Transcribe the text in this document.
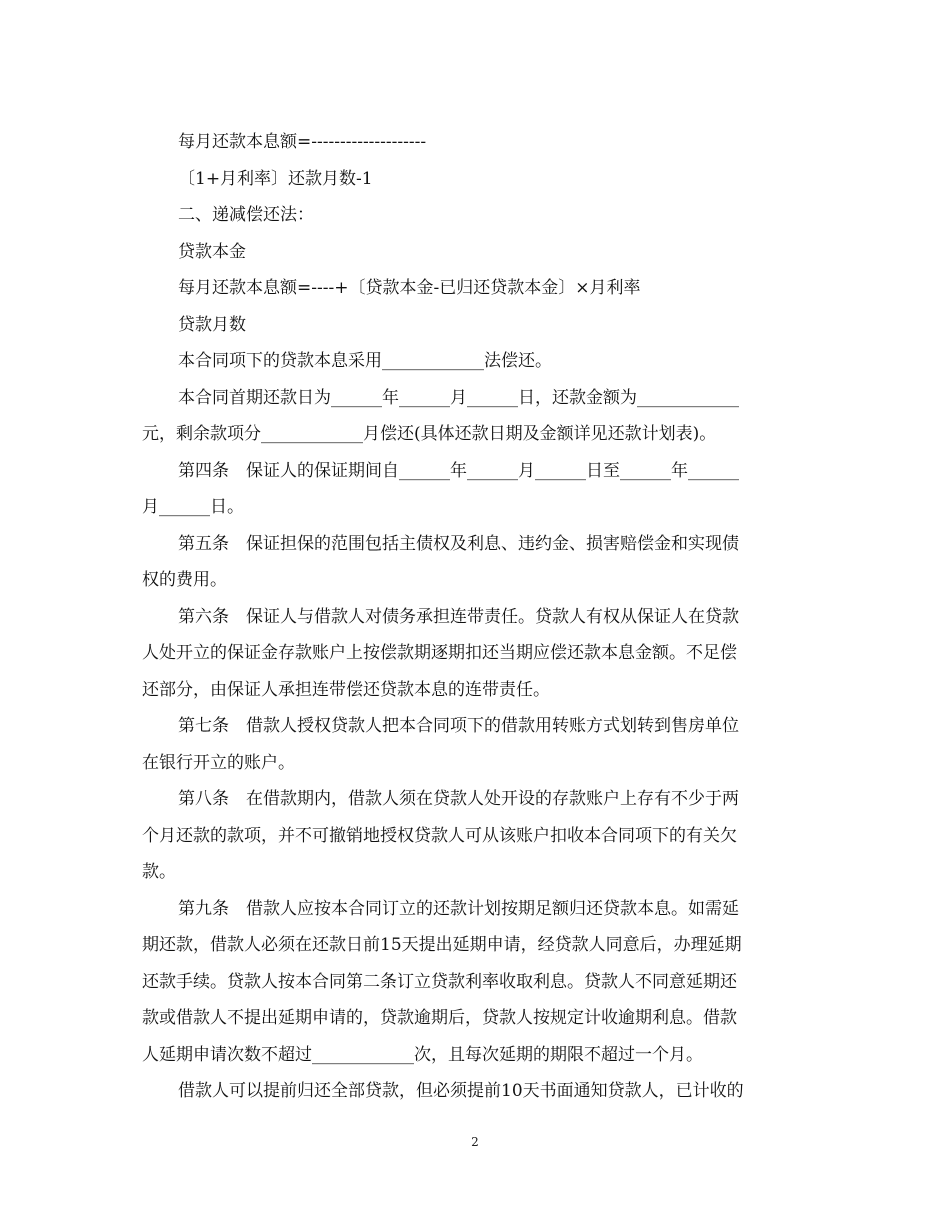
每月还款本息额=--------------------
〔1+月利率〕还款月数-1
二、递减偿还法：
贷款本金
每月还款本息额=----+〔贷款本金-已归还贷款本金〕×月利率
贷款月数
本合同项下的贷款本息采用____________法偿还。
本合同首期还款日为______年______月______日，还款金额为____________
元，剩余款项分____________月偿还(具体还款日期及金额详见还款计划表)。
第四条　保证人的保证期间自______年______月______日至______年______
月______日。
第五条　保证担保的范围包括主债权及利息、违约金、损害赔偿金和实现债
权的费用。
第六条　保证人与借款人对债务承担连带责任。贷款人有权从保证人在贷款
人处开立的保证金存款账户上按偿款期逐期扣还当期应偿还款本息金额。不足偿
还部分，由保证人承担连带偿还贷款本息的连带责任。
第七条　借款人授权贷款人把本合同项下的借款用转账方式划转到售房单位
在银行开立的账户。
第八条　在借款期内，借款人须在贷款人处开设的存款账户上存有不少于两
个月还款的款项，并不可撤销地授权贷款人可从该账户扣收本合同项下的有关欠
款。
第九条　借款人应按本合同订立的还款计划按期足额归还贷款本息。如需延
期还款，借款人必须在还款日前15天提出延期申请，经贷款人同意后，办理延期
还款手续。贷款人按本合同第二条订立贷款利率收取利息。贷款人不同意延期还
款或借款人不提出延期申请的，贷款逾期后，贷款人按规定计收逾期利息。借款
人延期申请次数不超过____________次，且每次延期的期限不超过一个月。
借款人可以提前归还全部贷款，但必须提前10天书面通知贷款人，已计收的
2
